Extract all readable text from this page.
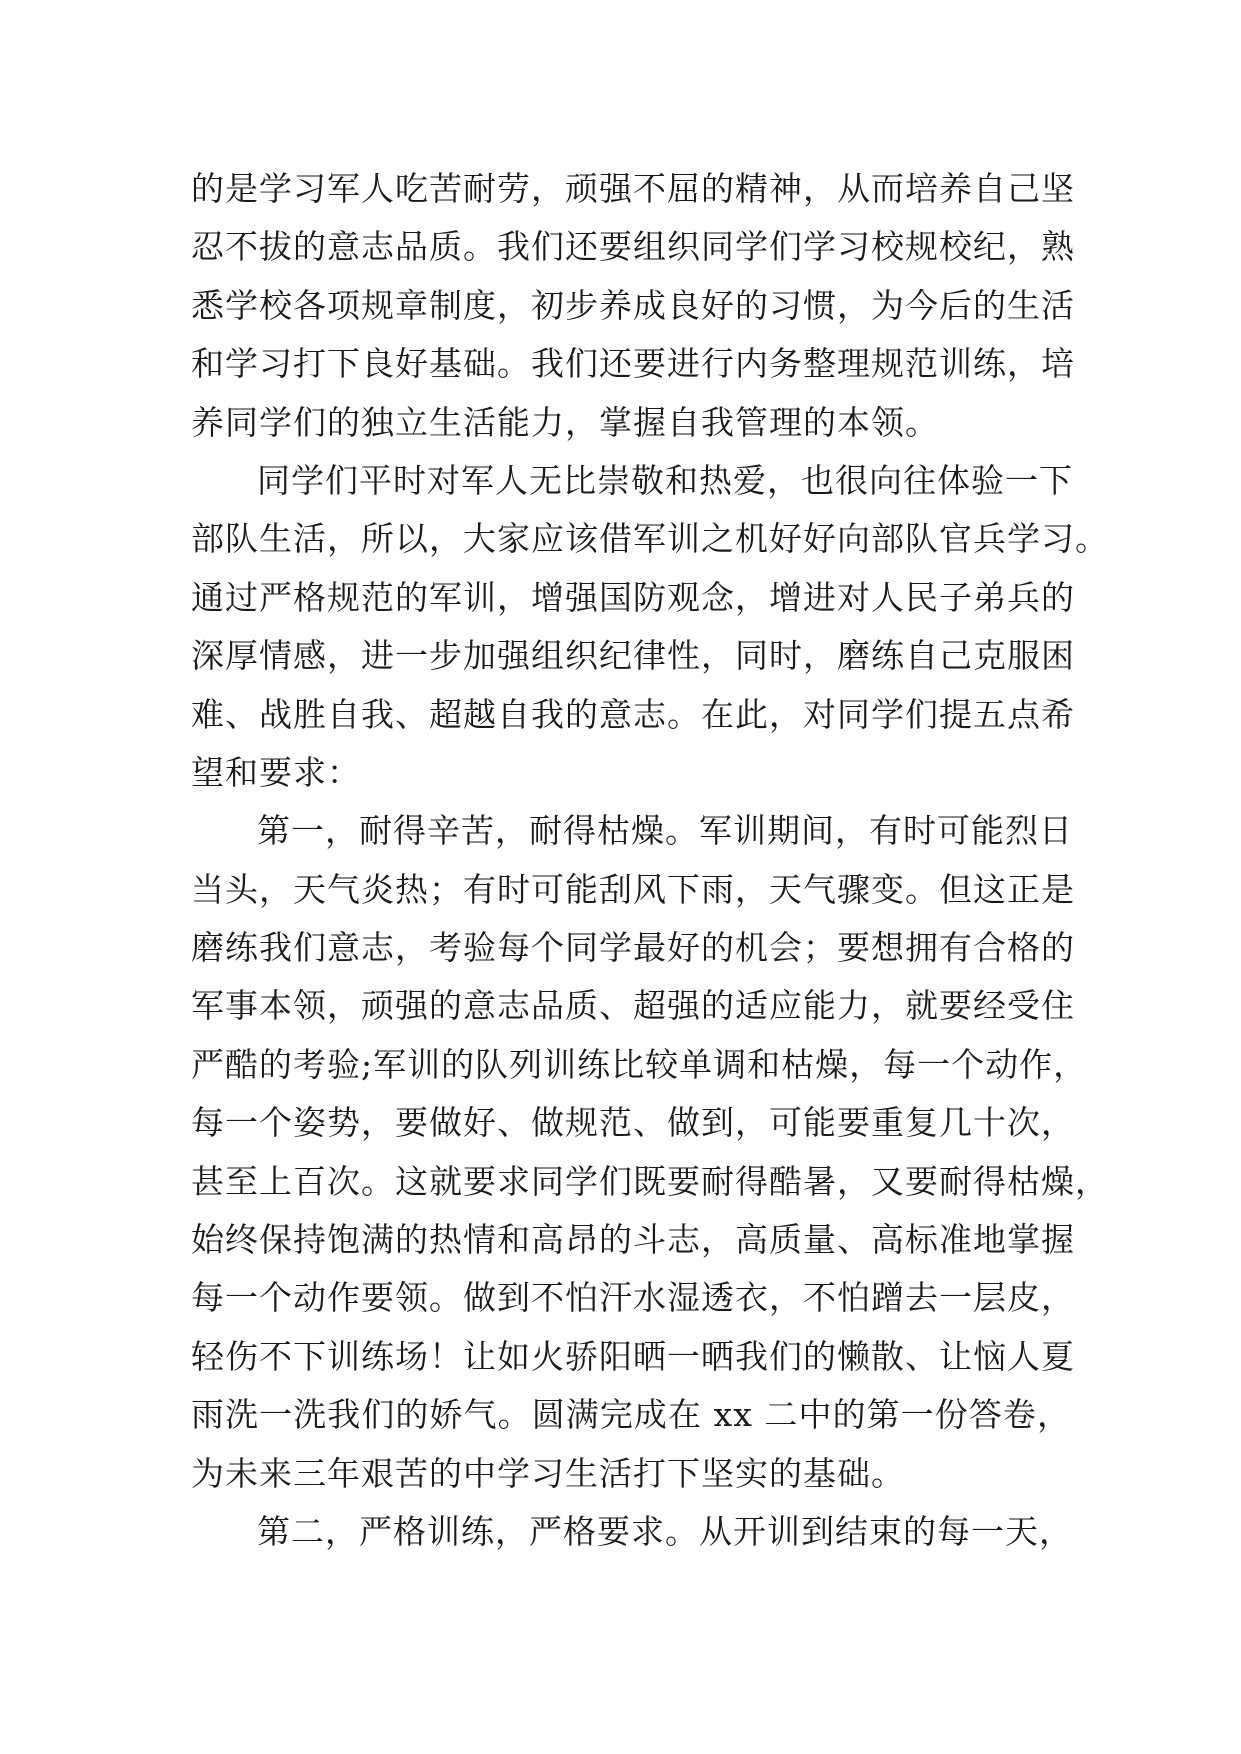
的是学习军人吃苦耐劳，顽强不屈的精神，从而培养自己坚
忍不拔的意志品质。我们还要组织同学们学习校规校纪，熟
悉学校各项规章制度，初步养成良好的习惯，为今后的生活
和学习打下良好基础。我们还要进行内务整理规范训练，培
养同学们的独立生活能力，掌握自我管理的本领。
同学们平时对军人无比崇敬和热爱，也很向往体验一下
部队生活，所以，大家应该借军训之机好好向部队官兵学习。
通过严格规范的军训，增强国防观念，增进对人民子弟兵的
深厚情感，进一步加强组织纪律性，同时，磨练自己克服困
难、战胜自我、超越自我的意志。在此，对同学们提五点希
望和要求：
第一，耐得辛苦，耐得枯燥。军训期间，有时可能烈日
当头，天气炎热；有时可能刮风下雨，天气骤变。但这正是
磨练我们意志，考验每个同学最好的机会；要想拥有合格的
军事本领，顽强的意志品质、超强的适应能力，就要经受住
严酷的考验;军训的队列训练比较单调和枯燥，每一个动作，
每一个姿势，要做好、做规范、做到，可能要重复几十次，
甚至上百次。这就要求同学们既要耐得酷暑，又要耐得枯燥，
始终保持饱满的热情和高昂的斗志，高质量、高标准地掌握
每一个动作要领。做到不怕汗水湿透衣，不怕蹭去一层皮，
轻伤不下训练场！让如火骄阳晒一晒我们的懒散、让恼人夏
雨洗一洗我们的娇气。圆满完成在 xx 二中的第一份答卷，
为未来三年艰苦的中学习生活打下坚实的基础。
第二，严格训练，严格要求。从开训到结束的每一天，
